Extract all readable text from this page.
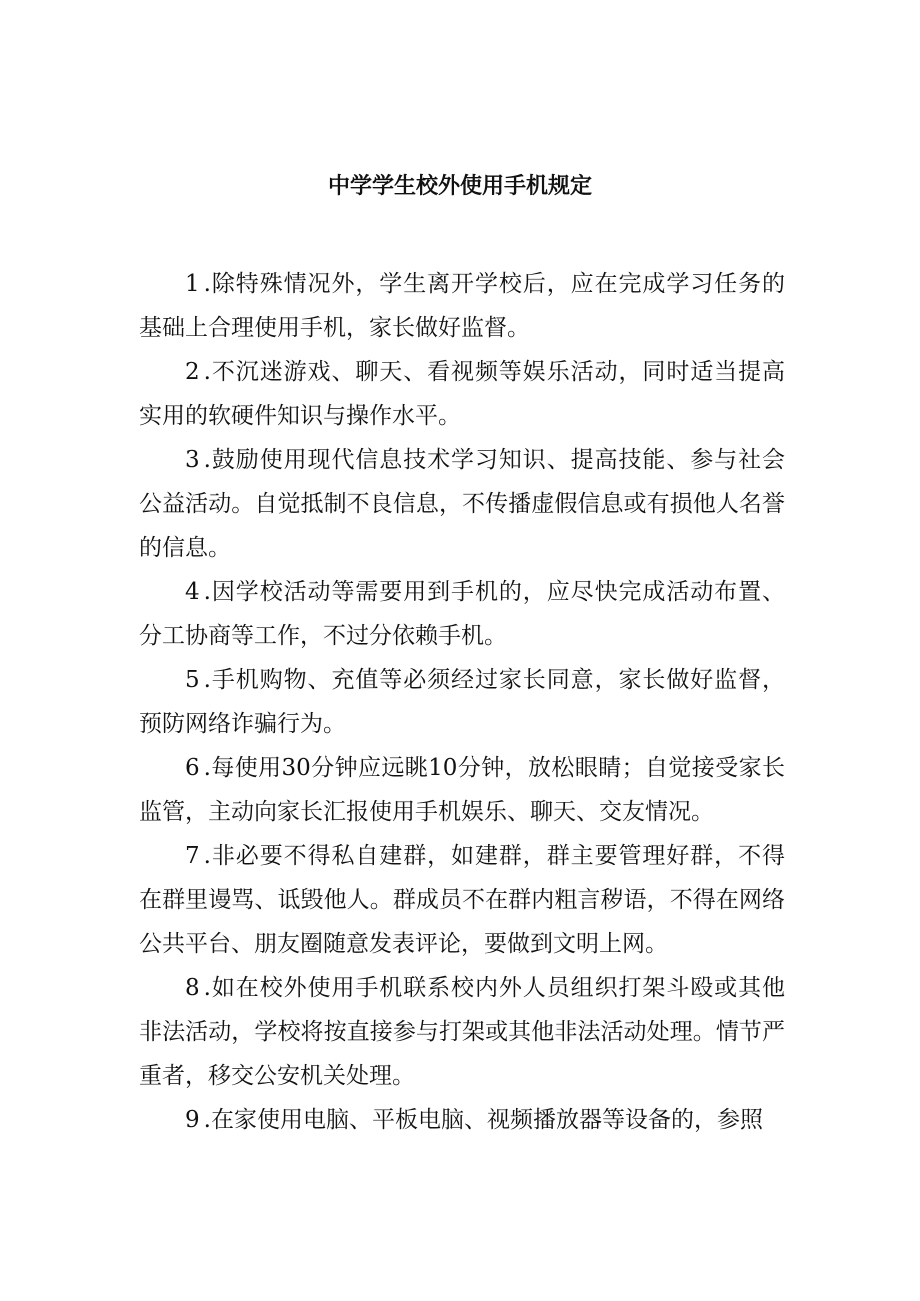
中学学生校外使用手机规定

1 .除特殊情况外，学生离开学校后，应在完成学习任务的基础上合理使用手机，家长做好监督。

2 .不沉迷游戏、聊天、看视频等娱乐活动，同时适当提高实用的软硬件知识与操作水平。

3 .鼓励使用现代信息技术学习知识、提高技能、参与社会公益活动。自觉抵制不良信息，不传播虚假信息或有损他人名誉的信息。

4 .因学校活动等需要用到手机的，应尽快完成活动布置、分工协商等工作，不过分依赖手机。

5 .手机购物、充值等必须经过家长同意，家长做好监督，预防网络诈骗行为。

6 .每使用30分钟应远眺10分钟，放松眼睛；自觉接受家长监管，主动向家长汇报使用手机娱乐、聊天、交友情况。

7 .非必要不得私自建群，如建群，群主要管理好群，不得在群里谩骂、诋毁他人。群成员不在群内粗言秽语，不得在网络公共平台、朋友圈随意发表评论，要做到文明上网。

8 .如在校外使用手机联系校内外人员组织打架斗殴或其他非法活动，学校将按直接参与打架或其他非法活动处理。情节严重者，移交公安机关处理。

9 .在家使用电脑、平板电脑、视频播放器等设备的，参照
